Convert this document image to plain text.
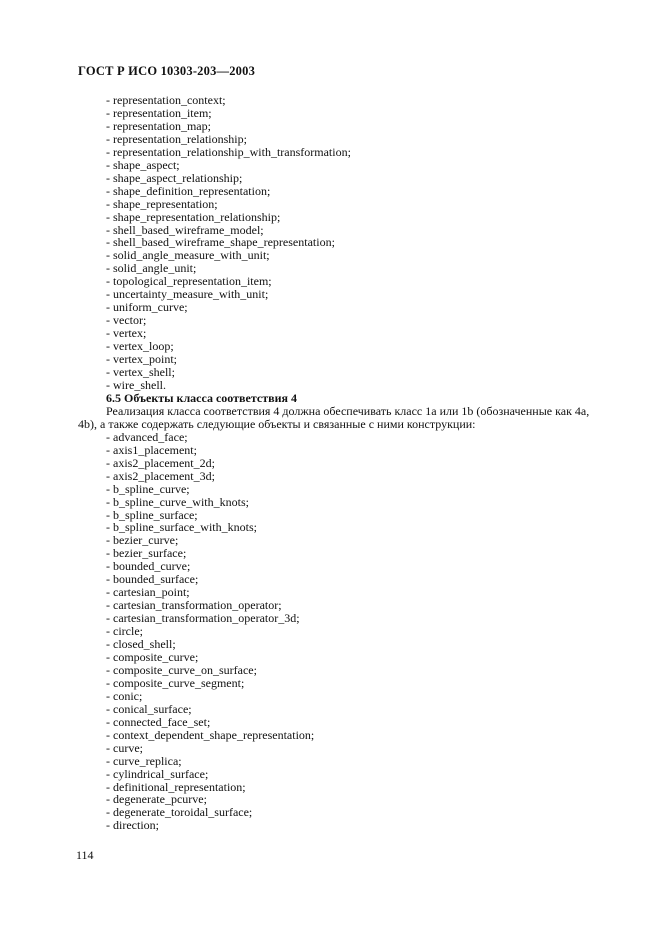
ГОСТ Р ИСО 10303-203—2003
- representation_context;
- representation_item;
- representation_map;
- representation_relationship;
- representation_relationship_with_transformation;
- shape_aspect;
- shape_aspect_relationship;
- shape_definition_representation;
- shape_representation;
- shape_representation_relationship;
- shell_based_wireframe_model;
- shell_based_wireframe_shape_representation;
- solid_angle_measure_with_unit;
- solid_angle_unit;
- topological_representation_item;
- uncertainty_measure_with_unit;
- uniform_curve;
- vector;
- vertex;
- vertex_loop;
- vertex_point;
- vertex_shell;
- wire_shell.
6.5 Объекты класса соответствия 4
Реализация класса соответствия 4 должна обеспечивать класс 1a или 1b (обозначенные как 4a,
4b), а также содержать следующие объекты и связанные с ними конструкции:
- advanced_face;
- axis1_placement;
- axis2_placement_2d;
- axis2_placement_3d;
- b_spline_curve;
- b_spline_curve_with_knots;
- b_spline_surface;
- b_spline_surface_with_knots;
- bezier_curve;
- bezier_surface;
- bounded_curve;
- bounded_surface;
- cartesian_point;
- cartesian_transformation_operator;
- cartesian_transformation_operator_3d;
- circle;
- closed_shell;
- composite_curve;
- composite_curve_on_surface;
- composite_curve_segment;
- conic;
- conical_surface;
- connected_face_set;
- context_dependent_shape_representation;
- curve;
- curve_replica;
- cylindrical_surface;
- definitional_representation;
- degenerate_pcurve;
- degenerate_toroidal_surface;
- direction;
114
